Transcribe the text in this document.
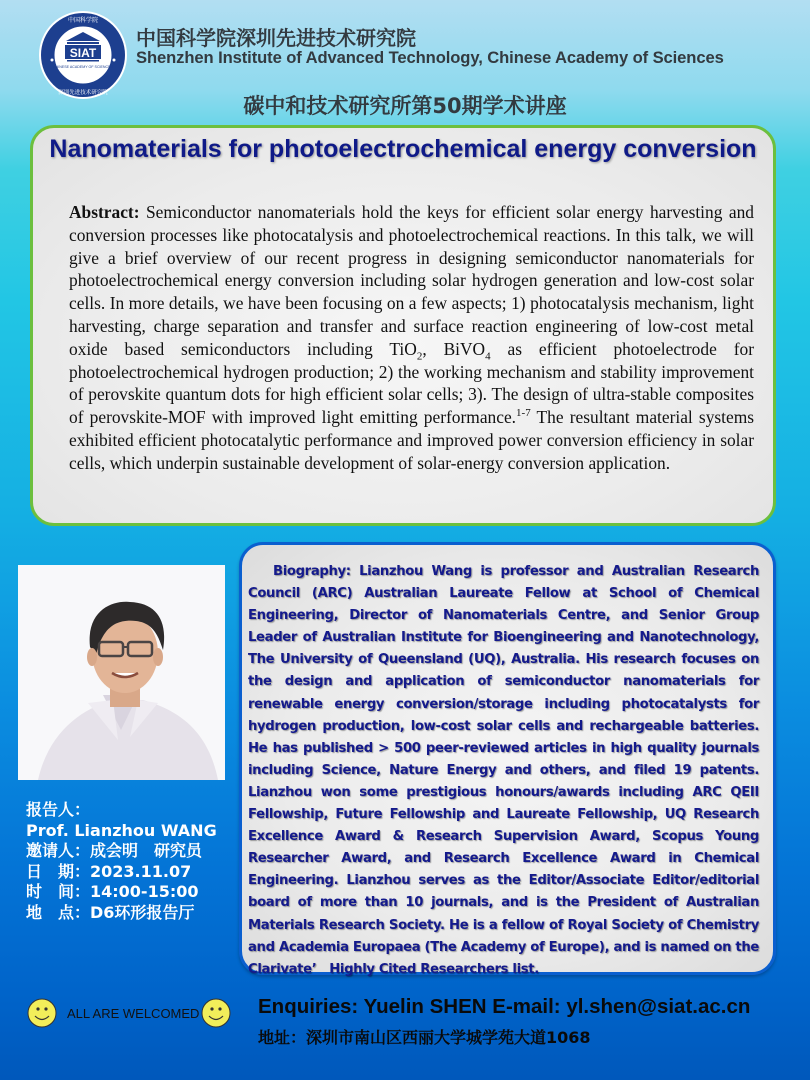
中国科学院
深圳先进技术研究院
SIAT
CHINESE ACADEMY OF SCIENCES
中国科学院深圳先进技术研究院
Shenzhen Institute of Advanced Technology, Chinese Academy of Sciences
碳中和技术研究所第50期学术讲座
Nanomaterials for photoelectrochemical energy conversion
Abstract: Semiconductor nanomaterials hold the keys for efficient solar energy harvesting and conversion processes like photocatalysis and photoelectrochemical reactions. In this talk, we will give a brief overview of our recent progress in designing semiconductor nanomaterials for photoelectrochemical energy conversion including solar hydrogen generation and low-cost solar cells. In more details, we have been focusing on a few aspects; 1) photocatalysis mechanism, light harvesting, charge separation and transfer and surface reaction engineering of low-cost metal oxide based semiconductors including TiO$_2$, BiVO$_4$ as efficient photoelectrode for photoelectrochemical hydrogen production; 2) the working mechanism and stability improvement of perovskite quantum dots for high efficient solar cells; 3). The design of ultra-stable composites of perovskite-MOF with improved light emitting performance.$^{1-7}$ The resultant material systems exhibited efficient photocatalytic performance and improved power conversion efficiency in solar cells, which underpin sustainable development of solar-energy conversion application.
报告人：
Prof. Lianzhou WANG
邀请人：成会明　研究员
日　期：2023.11.07
时　间：14:00-15:00
地　点：D6环形报告厅
Biography: Lianzhou Wang is professor and Australian Research Council (ARC) Australian Laureate Fellow at School of Chemical Engineering, Director of Nanomaterials Centre, and Senior Group Leader of Australian Institute for Bioengineering and Nanotechnology, The University of Queensland (UQ), Australia. His research focuses on the design and application of semiconductor nanomaterials for renewable energy conversion/storage including photocatalysts for hydrogen production, low-cost solar cells and rechargeable batteries. He has published > 500 peer-reviewed articles in high quality journals including Science, Nature Energy and others, and filed 19 patents. Lianzhou won some prestigious honours/awards including ARC QEII Fellowship, Future Fellowship and Laureate Fellowship, UQ Research Excellence Award & Research Supervision Award, Scopus Young Researcher Award, and Research Excellence Award in Chemical Engineering. Lianzhou serves as the Editor/Associate Editor/editorial board of more than 10 journals, and is the President of Australian Materials Research Society. He is a fellow of Royal Society of Chemistry and Academia Europaea (The Academy of Europe), and is named on the Clarivate’　Highly Cited Researchers list.
ALL ARE WELCOMED	Enquiries: Yuelin SHEN E-mail: yl.shen@siat.ac.cn
地址：深圳市南山区西丽大学城学苑大道1068
